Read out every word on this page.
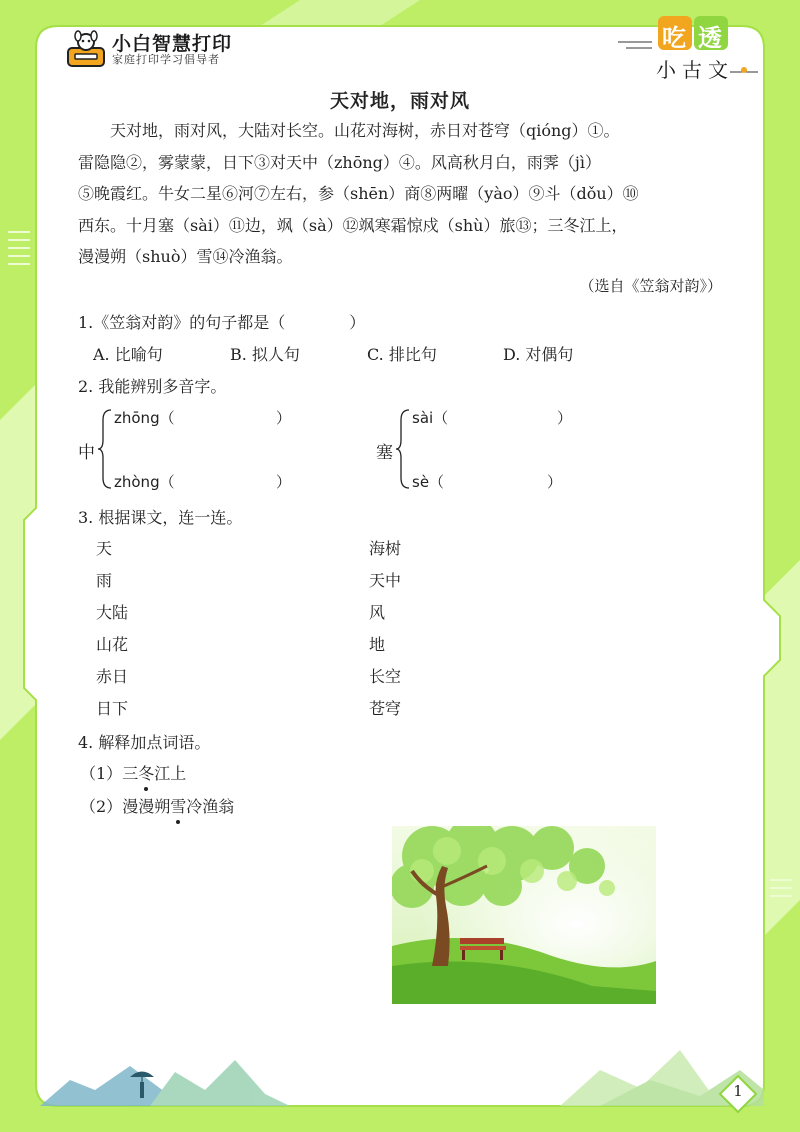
小白智慧打印
家庭打印学习倡导者
吃 透
小古文
天对地，雨对风
　　天对地，雨对风，大陆对长空。山花对海树，赤日对苍穹（qióng）①。
雷隐隐②，雾蒙蒙，日下③对天中（zhōng）④。风高秋月白，雨霁（jì）
⑤晚霞红。牛女二星⑥河⑦左右，参（shēn）商⑧两曜（yào）⑨斗（dǒu）⑩
西东。十月塞（sài）⑪边，飒（sà）⑫飒寒霜惊戍（shù）旅⑬；三冬江上，
漫漫朔（shuò）雪⑭冷渔翁。
（选自《笠翁对韵》）
1.《笠翁对韵》的句子都是（　　　　）
A. 比喻句	B. 拟人句	C. 排比句	D. 对偶句
2. 我能辨别多音字。
中
zhōng（	）
zhòng（	）
塞
sài（	）
sè（	）
3. 根据课文，连一连。
天
雨
大陆
山花
赤日
日下
海树
天中
风
地
长空
苍穹
4. 解释加点词语。
（1）三冬江上
（2）漫漫朔雪冷渔翁
1
